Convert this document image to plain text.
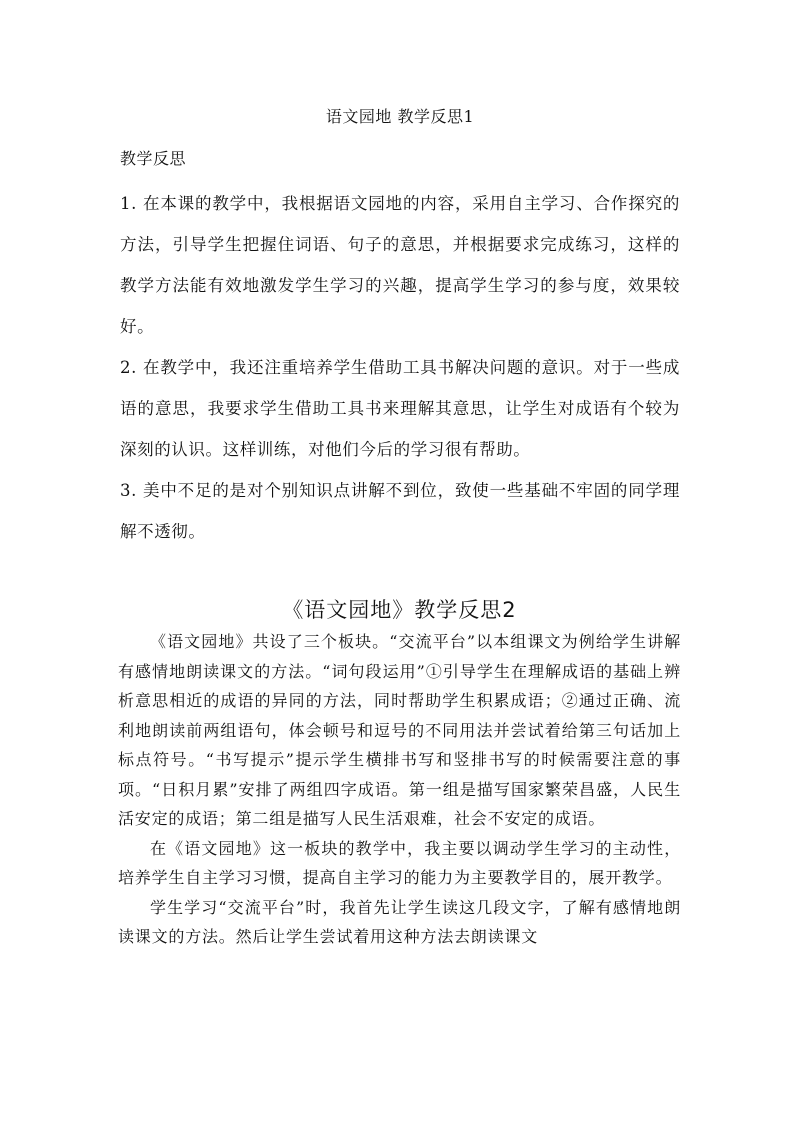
语文园地 教学反思1

教学反思

1. 在本课的教学中，我根据语文园地的内容，采用自主学习、合作探究的方法，引导学生把握住词语、句子的意思，并根据要求完成练习，这样的教学方法能有效地激发学生学习的兴趣，提高学生学习的参与度，效果较好。

2. 在教学中，我还注重培养学生借助工具书解决问题的意识。对于一些成语的意思，我要求学生借助工具书来理解其意思，让学生对成语有个较为深刻的认识。这样训练，对他们今后的学习很有帮助。

3. 美中不足的是对个别知识点讲解不到位，致使一些基础不牢固的同学理解不透彻。

《语文园地》教学反思2

《语文园地》共设了三个板块。“交流平台”以本组课文为例给学生讲解有感情地朗读课文的方法。“词句段运用”①引导学生在理解成语的基础上辨析意思相近的成语的异同的方法，同时帮助学生积累成语；②通过正确、流利地朗读前两组语句，体会顿号和逗号的不同用法并尝试着给第三句话加上标点符号。“书写提示”提示学生横排书写和竖排书写的时候需要注意的事项。“日积月累”安排了两组四字成语。第一组是描写国家繁荣昌盛，人民生活安定的成语；第二组是描写人民生活艰难，社会不安定的成语。

在《语文园地》这一板块的教学中，我主要以调动学生学习的主动性，培养学生自主学习习惯，提高自主学习的能力为主要教学目的，展开教学。

学生学习“交流平台”时，我首先让学生读这几段文字，了解有感情地朗读课文的方法。然后让学生尝试着用这种方法去朗读课文
